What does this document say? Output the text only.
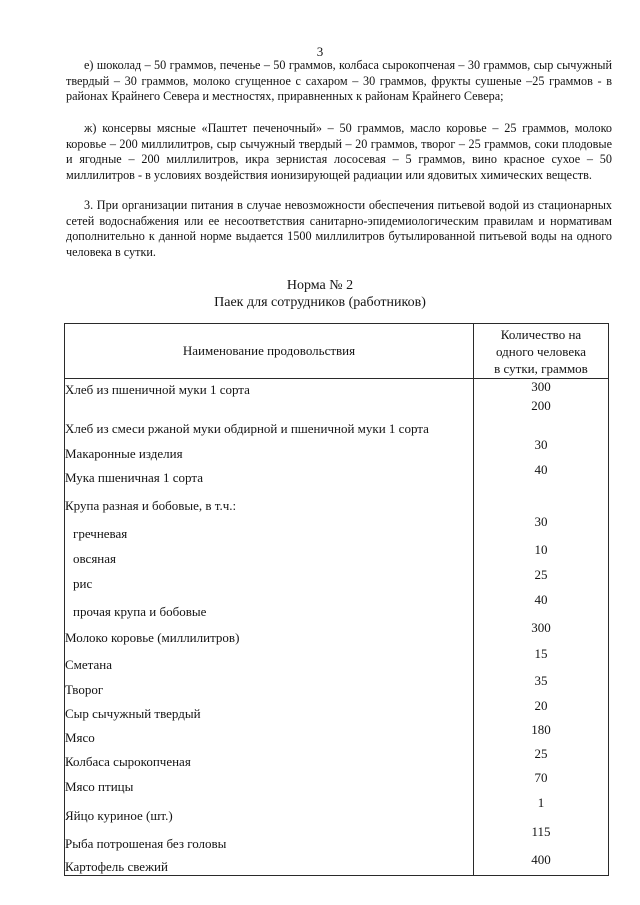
3

е) шоколад – 50 граммов, печенье – 50 граммов, колбаса сырокопченая – 30 граммов, сыр сычужный твердый – 30 граммов, молоко сгущенное с сахаром – 30 граммов, фрукты сушеные –25 граммов - в районах Крайнего Севера и местностях, приравненных к районам Крайнего Севера;

ж) консервы мясные «Паштет печеночный» – 50 граммов, масло коровье – 25 граммов, молоко коровье – 200 миллилитров, сыр сычужный твердый – 20 граммов, творог – 25 граммов, соки плодовые и ягодные – 200 миллилитров, икра зернистая лососевая – 5 граммов, вино красное сухое – 50 миллилитров - в условиях воздействия ионизирующей радиации или ядовитых химических веществ.

3. При организации питания в случае невозможности обеспечения питьевой водой из стационарных сетей водоснабжения или ее несоответствия санитарно-эпидемиологическим правилам и нормативам дополнительно к данной норме выдается 1500 миллилитров бутылированной питьевой воды на одного человека в сутки.

Норма № 2
Паек для сотрудников (работников)
Наименование продовольствия	Количество на
одного человека
в сутки, граммов

Хлеб из пшеничной муки 1 сорта	300
Хлеб из смеси ржаной муки обдирной и пшеничной муки 1 сорта	200
Макаронные изделия	30
Мука пшеничная 1 сорта	40
Крупа разная и бобовые, в т.ч.:	
гречневая	30
овсяная	10
рис	25
прочая крупа и бобовые	40
Молоко коровье (миллилитров)	300
Сметана	15
Творог	35
Сыр сычужный твердый	20
Мясо	180
Колбаса сырокопченая	25
Мясо птицы	70
Яйцо куриное (шт.)	1
Рыба потрошеная без головы	115
Картофель свежий	400
